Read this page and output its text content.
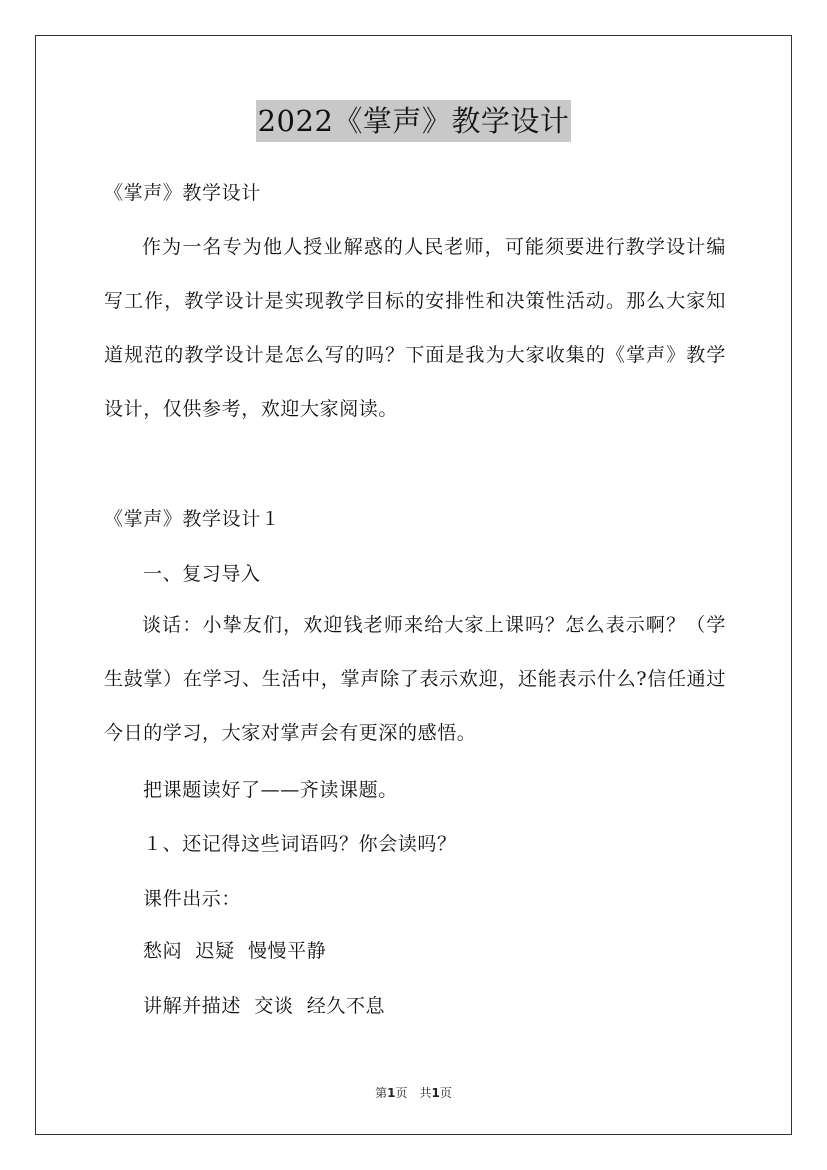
2022《掌声》教学设计
《掌声》教学设计
作为一名专为他人授业解惑的人民老师，可能须要进行教学设计编写工作，教学设计是实现教学目标的安排性和决策性活动。那么大家知道规范的教学设计是怎么写的吗？下面是我为大家收集的《掌声》教学设计，仅供参考，欢迎大家阅读。
《掌声》教学设计１
一、复习导入
谈话：小挚友们，欢迎钱老师来给大家上课吗？怎么表示啊？（学生鼓掌）在学习、生活中，掌声除了表示欢迎，还能表示什么?信任通过今日的学习，大家对掌声会有更深的感悟。
把课题读好了——齐读课题。
１、还记得这些词语吗？你会读吗？
课件出示：
愁闷  迟疑  慢慢平静
讲解并描述  交谈  经久不息
第1页　共1页
